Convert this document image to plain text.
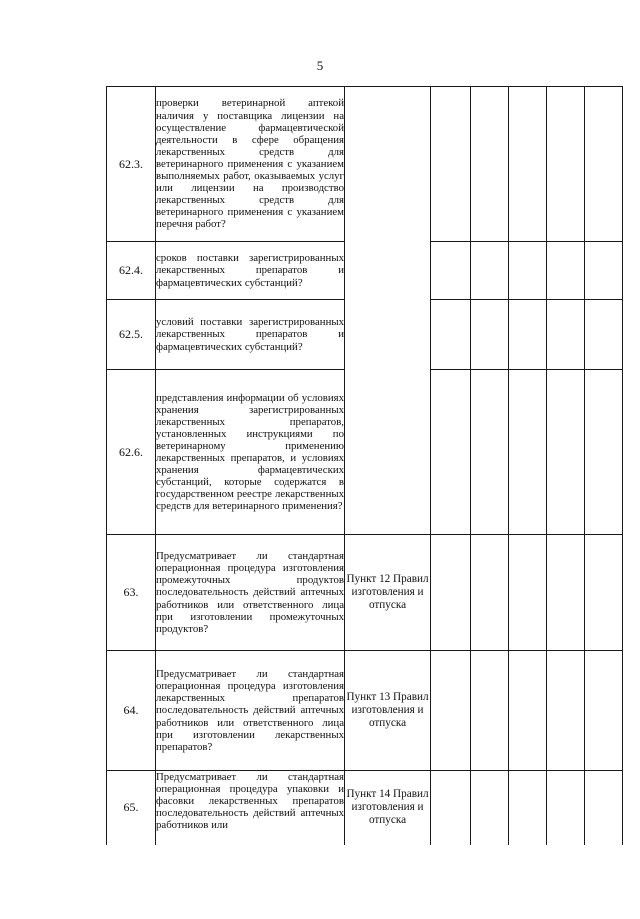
5
62.3.	проверки ветеринарной аптекой наличия у поставщика лицензии на осуществление фармацевтической деятельности в сфере обращения лекарственных средств для ветеринарного применения с указанием выполняемых работ, оказываемых услуг или лицензии на производство лекарственных средств для ветеринарного применения с указанием перечня работ?						
62.4.	сроков поставки зарегистрированных лекарственных препаратов и фармацевтических субстанций?						
62.5.	условий поставки зарегистрированных лекарственных препаратов и фармацевтических субстанций?						
62.6.	представления информации об условиях хранения зарегистрированных лекарственных препаратов, установленных инструкциями по ветеринарному применению лекарственных препаратов, и условиях хранения фармацевтических субстанций, которые содержатся в государственном реестре лекарственных средств для ветеринарного применения?						
63.	Предусматривает ли стандартная операционная процедура изготовления промежуточных продуктов последовательность действий аптечных работников или ответственного лица при изготовлении промежуточных продуктов?	Пункт 12 Правил изготовления и отпуска					
64.	Предусматривает ли стандартная операционная процедура изготовления лекарственных препаратов последовательность действий аптечных работников или ответственного лица при изготовлении лекарственных препаратов?	Пункт 13 Правил изготовления и отпуска					
65.	Предусматривает ли стандартная операционная процедура упаковки и фасовки лекарственных препаратов последовательность действий аптечных работников или	Пункт 14 Правил изготовления и отпуска					
